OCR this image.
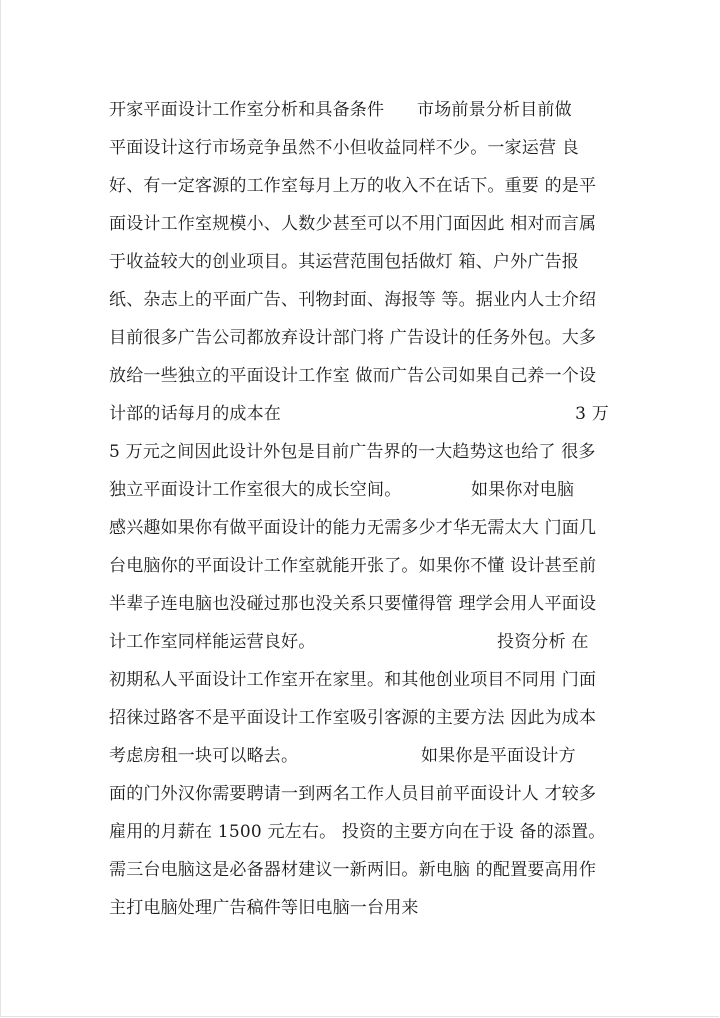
开家平面设计工作室分析和具备条件 市场前景分析目前做
平面设计这行市场竞争虽然不小但收益同样不少。一家运营 良
好、有一定客源的工作室每月上万的收入不在话下。重要 的是平
面设计工作室规模小、人数少甚至可以不用门面因此 相对而言属
于收益较大的创业项目。其运营范围包括做灯 箱、户外广告报
纸、杂志上的平面广告、刊物封面、海报等 等。据业内人士介绍
目前很多广告公司都放弃设计部门将 广告设计的任务外包。大多
放给一些独立的平面设计工作室 做而广告公司如果自己养一个设
计部的话每月的成本在	3 万
5 万元之间因此设计外包是目前广告界的一大趋势这也给了 很多
独立平面设计工作室很大的成长空间。	如果你对电脑
感兴趣如果你有做平面设计的能力无需多少才华无需太大 门面几
台电脑你的平面设计工作室就能开张了。如果你不懂 设计甚至前
半辈子连电脑也没碰过那也没关系只要懂得管 理学会用人平面设
计工作室同样能运营良好。	投资分析 在
初期私人平面设计工作室开在家里。和其他创业项目不同用 门面
招徕过路客不是平面设计工作室吸引客源的主要方法 因此为成本
考虑房租一块可以略去。	如果你是平面设计方
面的门外汉你需要聘请一到两名工作人员目前平面设计人 才较多
雇用的月薪在 1500 元左右。 投资的主要方向在于设 备的添置。
需三台电脑这是必备器材建议一新两旧。新电脑 的配置要高用作
主打电脑处理广告稿件等旧电脑一台用来
